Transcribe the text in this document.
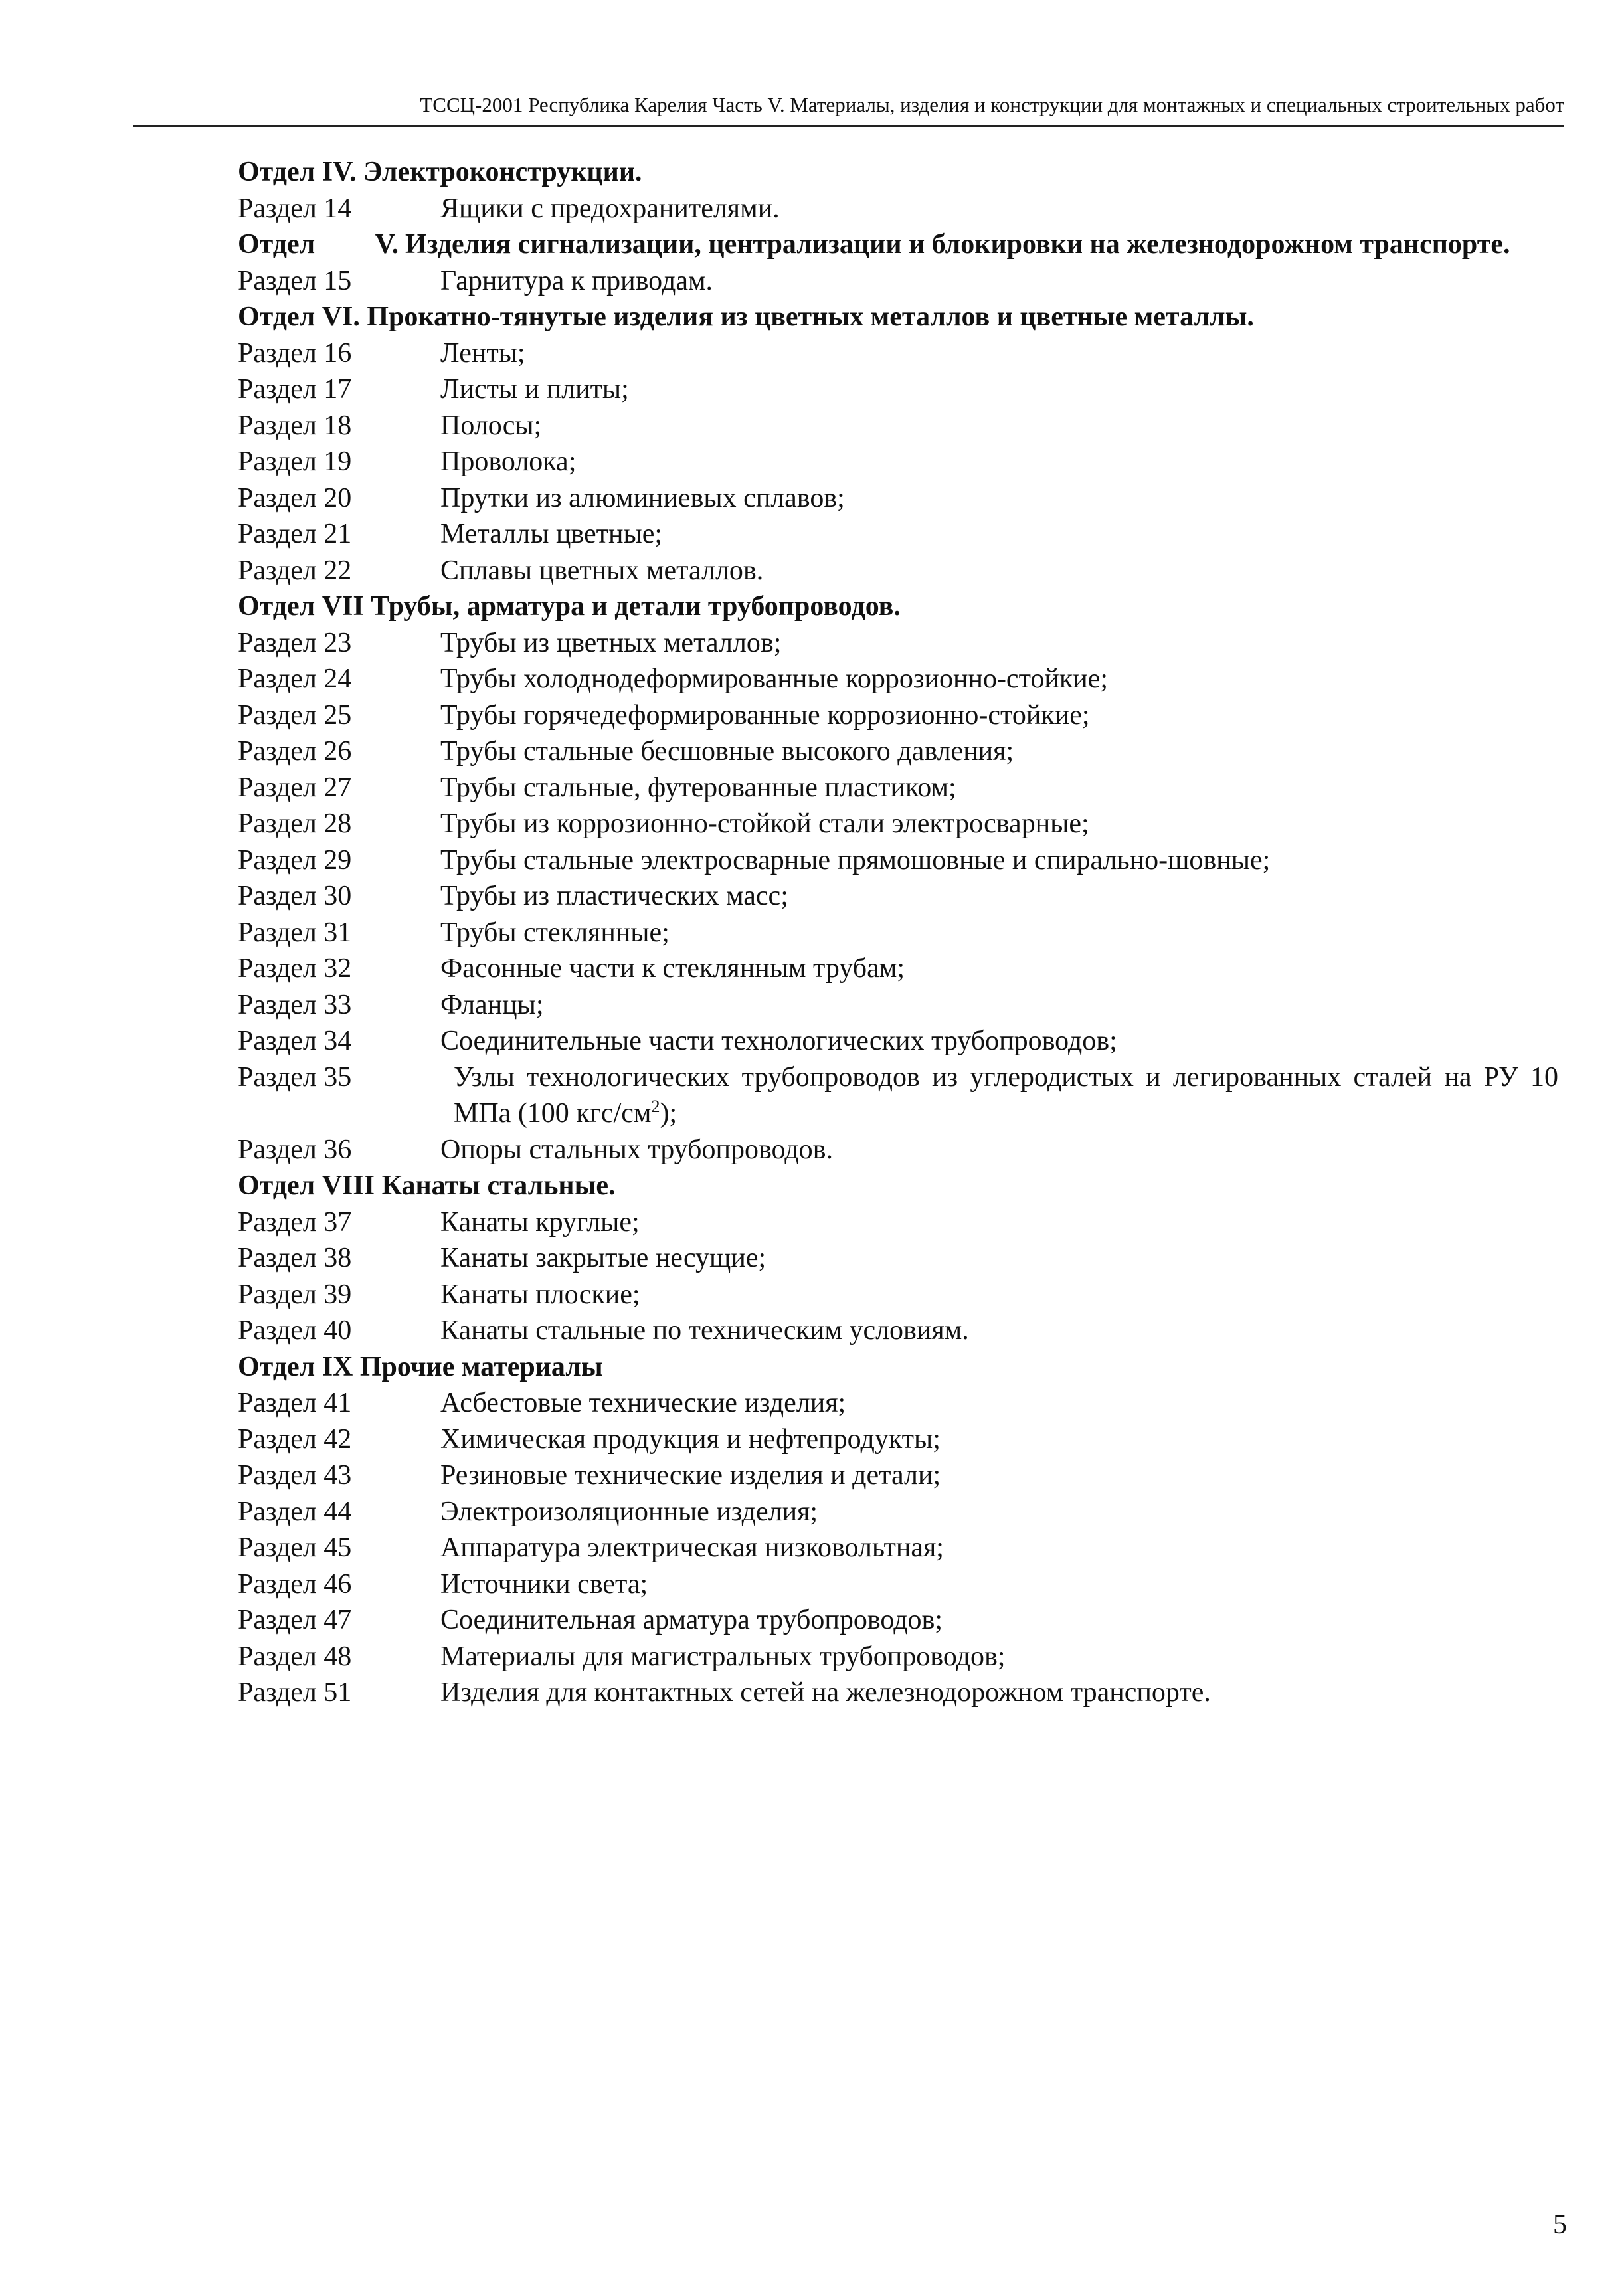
ТССЦ-2001 Республика Карелия Часть V. Материалы, изделия и конструкции для монтажных и специальных строительных работ
Отдел IV. Электроконструкции.
Раздел 14	Ящики с предохранителями.
Отдел V. Изделия сигнализации, централизации и блокировки на железнодорожном транспорте.
Раздел 15	Гарнитура к приводам.
Отдел VI. Прокатно-тянутые изделия из цветных металлов и цветные металлы.
Раздел 16	Ленты;
Раздел 17	Листы и плиты;
Раздел 18	Полосы;
Раздел 19	Проволока;
Раздел 20	Прутки из алюминиевых сплавов;
Раздел 21	Металлы цветные;
Раздел 22	Сплавы цветных металлов.
Отдел VII Трубы, арматура и детали трубопроводов.
Раздел 23	Трубы из цветных металлов;
Раздел 24	Трубы холоднодеформированные коррозионно-стойкие;
Раздел 25	Трубы горячедеформированные коррозионно-стойкие;
Раздел 26	Трубы стальные бесшовные высокого давления;
Раздел 27	Трубы стальные, футерованные пластиком;
Раздел 28	Трубы из коррозионно-стойкой стали электросварные;
Раздел 29	Трубы стальные электросварные прямошовные и спирально-шовные;
Раздел 30	Трубы из пластических масс;
Раздел 31	Трубы стеклянные;
Раздел 32	Фасонные части к стеклянным трубам;
Раздел 33	Фланцы;
Раздел 34	Соединительные части технологических трубопроводов;
Раздел 35	Узлы технологических трубопроводов из углеродистых и легированных сталей на РУ 10 МПа (100 кгс/$см^2$);
Раздел 36	Опоры стальных трубопроводов.
Отдел VIII Канаты стальные.
Раздел 37	Канаты круглые;
Раздел 38	Канаты закрытые несущие;
Раздел 39	Канаты плоские;
Раздел 40	Канаты стальные по техническим условиям.
Отдел IX Прочие материалы
Раздел 41	Асбестовые технические изделия;
Раздел 42	Химическая продукция и нефтепродукты;
Раздел 43	Резиновые технические изделия и детали;
Раздел 44	Электроизоляционные изделия;
Раздел 45	Аппаратура электрическая низковольтная;
Раздел 46	Источники света;
Раздел 47	Соединительная арматура трубопроводов;
Раздел 48	Материалы для магистральных трубопроводов;
Раздел 51	Изделия для контактных сетей на железнодорожном транспорте.
5
